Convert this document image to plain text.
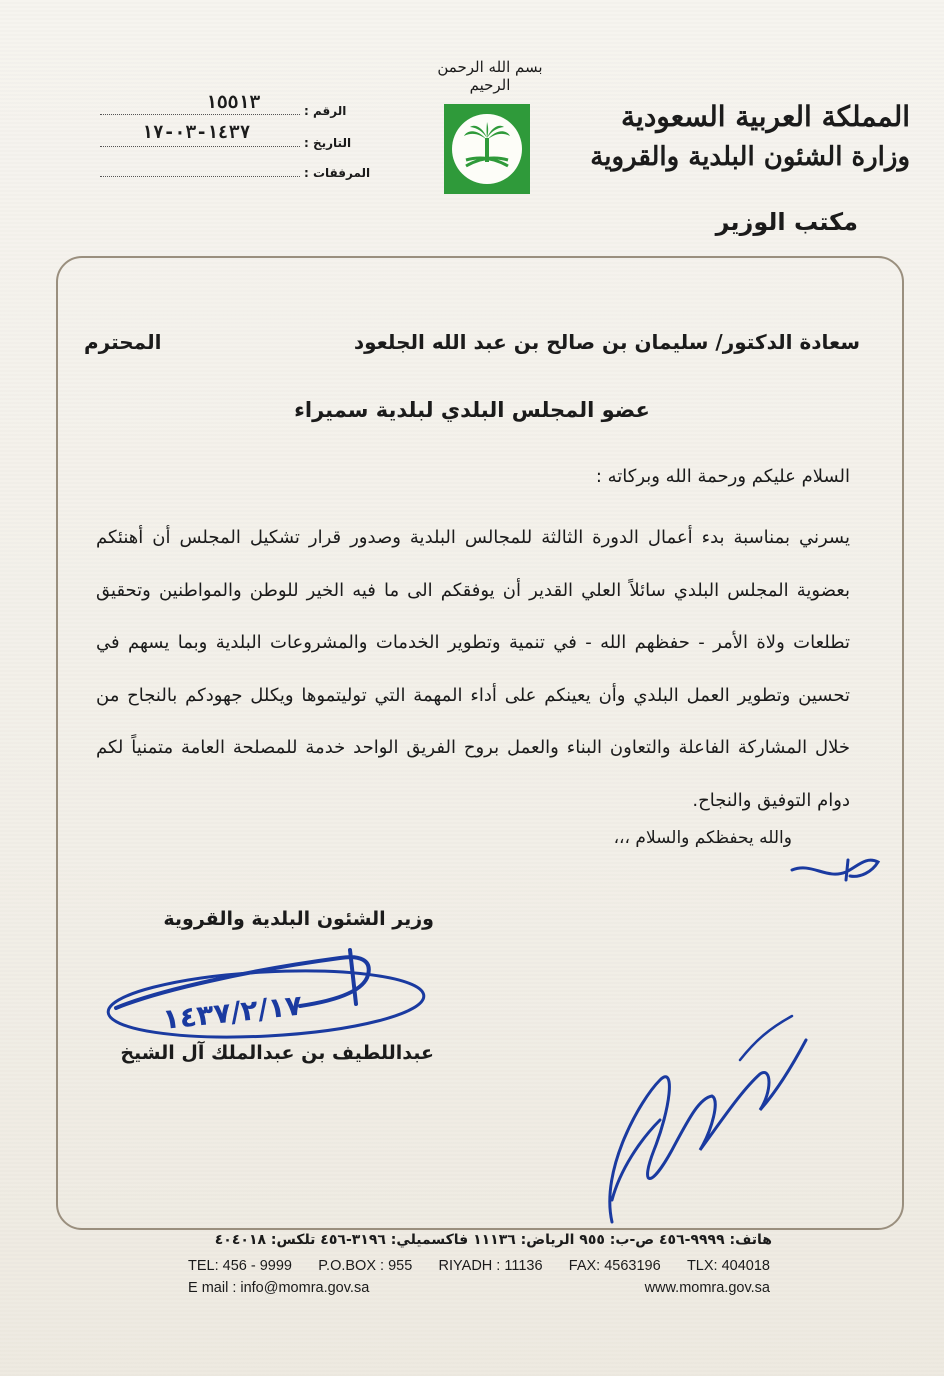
بسم الله الرحمن الرحيم
المملكة العربية السعودية
وزارة الشئون البلدية والقروية
مكتب الوزير
الرقم :
١٥٥١٣
التاريخ :
١٤٣٧-٠٣-١٧
المرفقات :
سعادة الدكتور/ سليمان بن صالح بن عبد الله الجلعود
المحترم
عضو المجلس البلدي لبلدية سميراء
السلام عليكم ورحمة الله وبركاته :
يسرني بمناسبة بدء أعمال الدورة الثالثة للمجالس البلدية وصدور قرار تشكيل المجلس أن أهنئكم بعضوية المجلس البلدي سائلاً العلي القدير أن يوفقكم الى ما فيه الخير للوطن والمواطنين وتحقيق تطلعات ولاة الأمر - حفظهم الله - في تنمية وتطوير الخدمات والمشروعات البلدية وبما يسهم في تحسين وتطوير العمل البلدي وأن يعينكم على أداء المهمة التي توليتموها ويكلل جهودكم بالنجاح من خلال المشاركة الفاعلة والتعاون البناء والعمل بروح الفريق الواحد خدمة للمصلحة العامة متمنياً لكم دوام التوفيق والنجاح.
والله يحفظكم والسلام ،،،
وزير الشئون البلدية والقروية
عبداللطيف بن عبدالملك آل الشيخ
١٤٣٧/٢/١٧
هاتف: ٩٩٩٩-٤٥٦ ص-ب: ٩٥٥ الرياض: ١١١٣٦ فاكسميلي: ٣١٩٦-٤٥٦ تلكس: ٤٠٤٠١٨
TEL: 456 - 9999 P.O.BOX : 955 RIYADH : 11136 FAX: 4563196 TLX: 404018
E mail : info@momra.gov.sa	www.momra.gov.sa
